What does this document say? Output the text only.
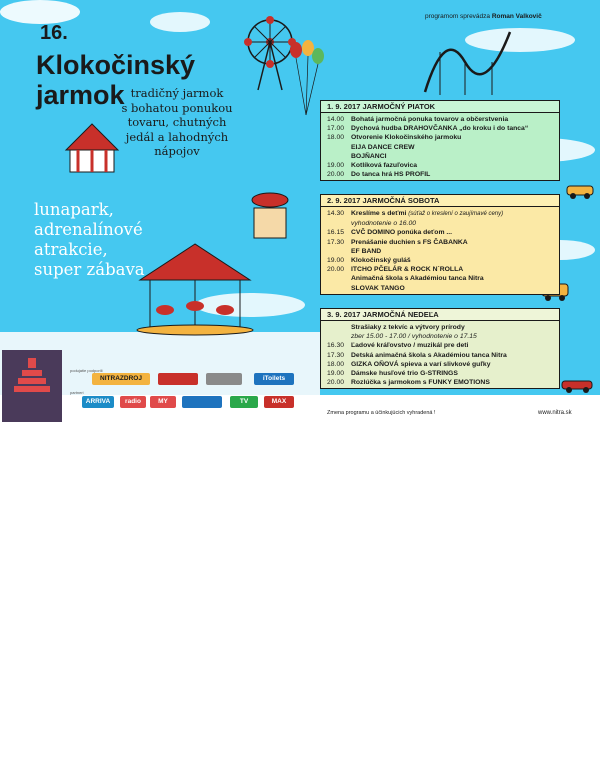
16.
Klokočinský
jarmok tradičný jarmok
s bohatou ponukou
tovaru, chutných
jedál a lahodných
nápojov
lunapark,
adrenalínové
atrakcie,
super zábava
programom sprevádza Roman Valkovič
1. 9. 2017 JARMOČNÝ PIATOK
14.00	Bohatá jarmočná ponuka tovarov a občerstvenia
17.00	Dychová hudba DRAHOVČANKA „do kroku i do tanca“
18.00	Otvorenie Klokočinského jarmoku
EIJA DANCE CREW
BOJŇANCI
19.00	Kotlíková fazuľovica
20.00	Do tanca hrá HS PROFIL
2. 9. 2017 JARMOČNÁ SOBOTA
14.30	Kreslíme s deťmi (súťaž o kreslení o zaujímavé ceny)
vyhodnotenie o 16.00
16.15	CVČ DOMINO ponúka deťom ...
17.30	Prenášanie duchien s FS ČABANKA
EF BAND
19.00	Klokočinský guláš
20.00	ITCHO PČELÁR & ROCK N´ROLLA
Animačná škola s Akadémiou tanca Nitra
SLOVAK TANGO
3. 9. 2017 JARMOČNÁ NEDEĽA
Strašiaky z tekvíc a výtvory prírody
zber 15.00 - 17.00 / vyhodnotenie o 17.15
16.30	Ľadové kráľovstvo / muzikál pre deti
17.30	Detská animačná škola s Akadémiou tanca Nitra
18.00	GIZKA OŇOVÁ spieva a varí slivkové guľky
19.00	Dámske husľové trio G-STRINGS
20.00	Rozlúčka s jarmokom s FUNKY EMOTIONS
NITRA
podujatie podporili
partneri
NITRAZDROJ	iToilets
ARRIVA	radio	MY	TV	MAX
Zmena programu a účinkujúcich vyhradená !	www.nitra.sk
